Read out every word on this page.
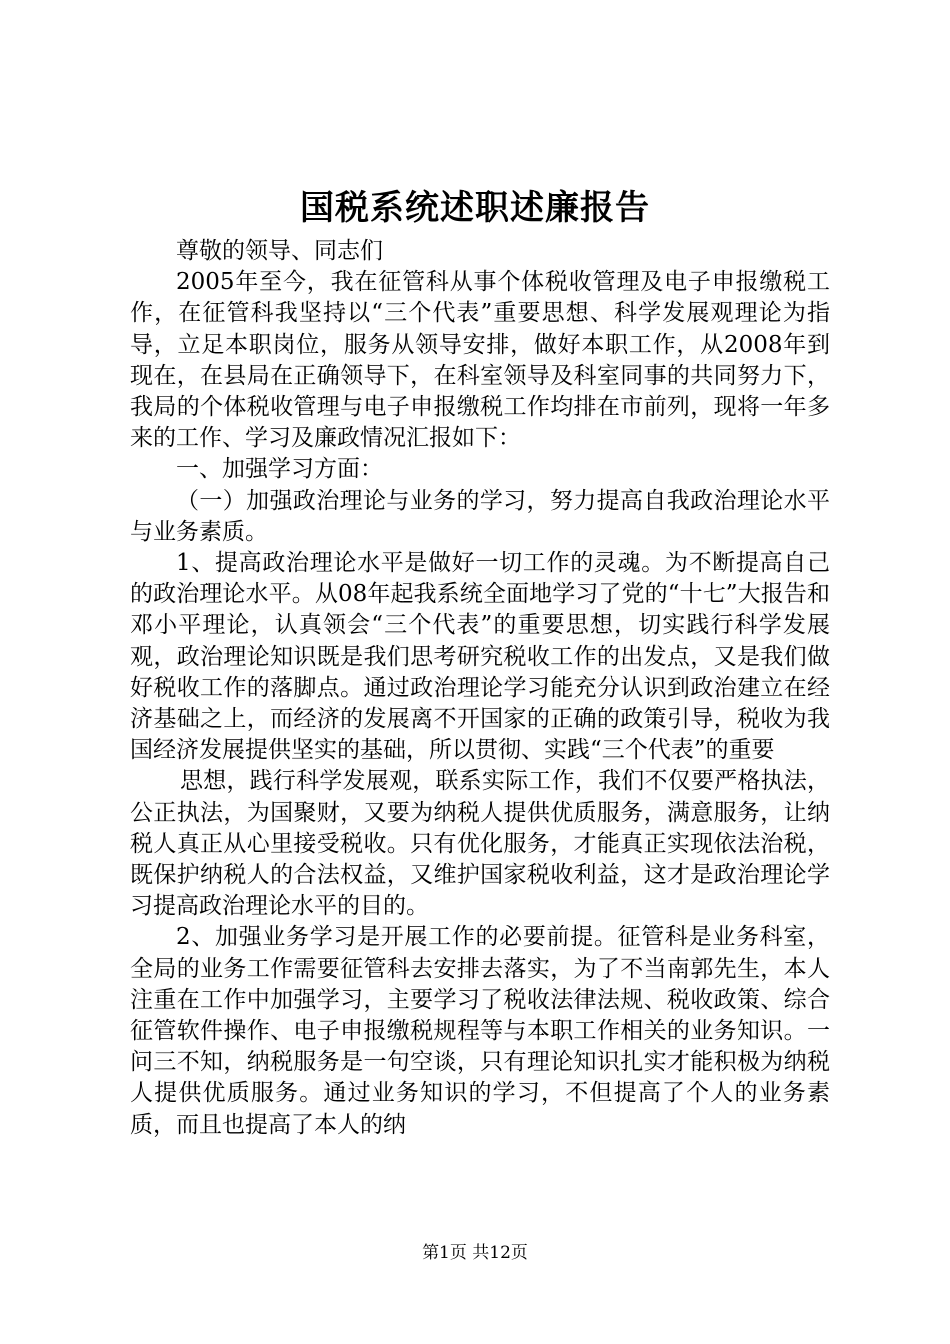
国税系统述职述廉报告

尊敬的领导、同志们

2005年至今，我在征管科从事个体税收管理及电子申报缴税工作，在征管科我坚持以“三个代表”重要思想、科学发展观理论为指导，立足本职岗位，服务从领导安排，做好本职工作，从2008年到现在，在县局在正确领导下，在科室领导及科室同事的共同努力下，我局的个体税收管理与电子申报缴税工作均排在市前列，现将一年多来的工作、学习及廉政情况汇报如下：

一、加强学习方面：

（一）加强政治理论与业务的学习，努力提高自我政治理论水平与业务素质。

1、提高政治理论水平是做好一切工作的灵魂。为不断提高自己的政治理论水平。从08年起我系统全面地学习了党的“十七”大报告和邓小平理论，认真领会“三个代表”的重要思想，切实践行科学发展观，政治理论知识既是我们思考研究税收工作的出发点，又是我们做好税收工作的落脚点。通过政治理论学习能充分认识到政治建立在经济基础之上，而经济的发展离不开国家的正确的政策引导，税收为我国经济发展提供坚实的基础，所以贯彻、实践“三个代表”的重要

思想，践行科学发展观，联系实际工作，我们不仅要严格执法，公正执法，为国聚财，又要为纳税人提供优质服务，满意服务，让纳税人真正从心里接受税收。只有优化服务，才能真正实现依法治税，既保护纳税人的合法权益，又维护国家税收利益，这才是政治理论学习提高政治理论水平的目的。

2、加强业务学习是开展工作的必要前提。征管科是业务科室，全局的业务工作需要征管科去安排去落实，为了不当南郭先生，本人注重在工作中加强学习，主要学习了税收法律法规、税收政策、综合征管软件操作、电子申报缴税规程等与本职工作相关的业务知识。一问三不知，纳税服务是一句空谈，只有理论知识扎实才能积极为纳税人提供优质服务。通过业务知识的学习，不但提高了个人的业务素质，而且也提高了本人的纳

第1页 共12页
